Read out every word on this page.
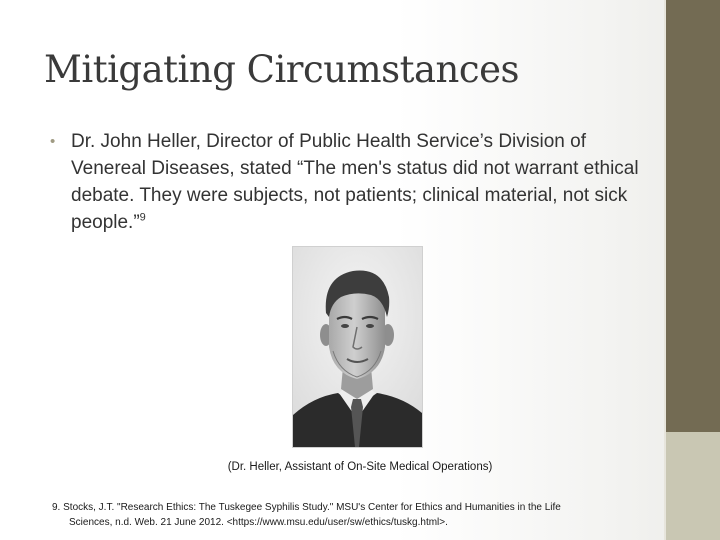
Mitigating Circumstances
• Dr. John Heller, Director of Public Health Service’s Division of Venereal Diseases, stated “The men's status did not warrant ethical debate. They were subjects, not patients; clinical material, not sick people.”$^9$
(Dr. Heller, Assistant of On-Site Medical Operations)
9. Stocks, J.T. "Research Ethics: The Tuskegee Syphilis Study." MSU's Center for Ethics and Humanities in the Life
Sciences, n.d. Web. 21 June 2012. <https://www.msu.edu/user/sw/ethics/tuskg.html>.
